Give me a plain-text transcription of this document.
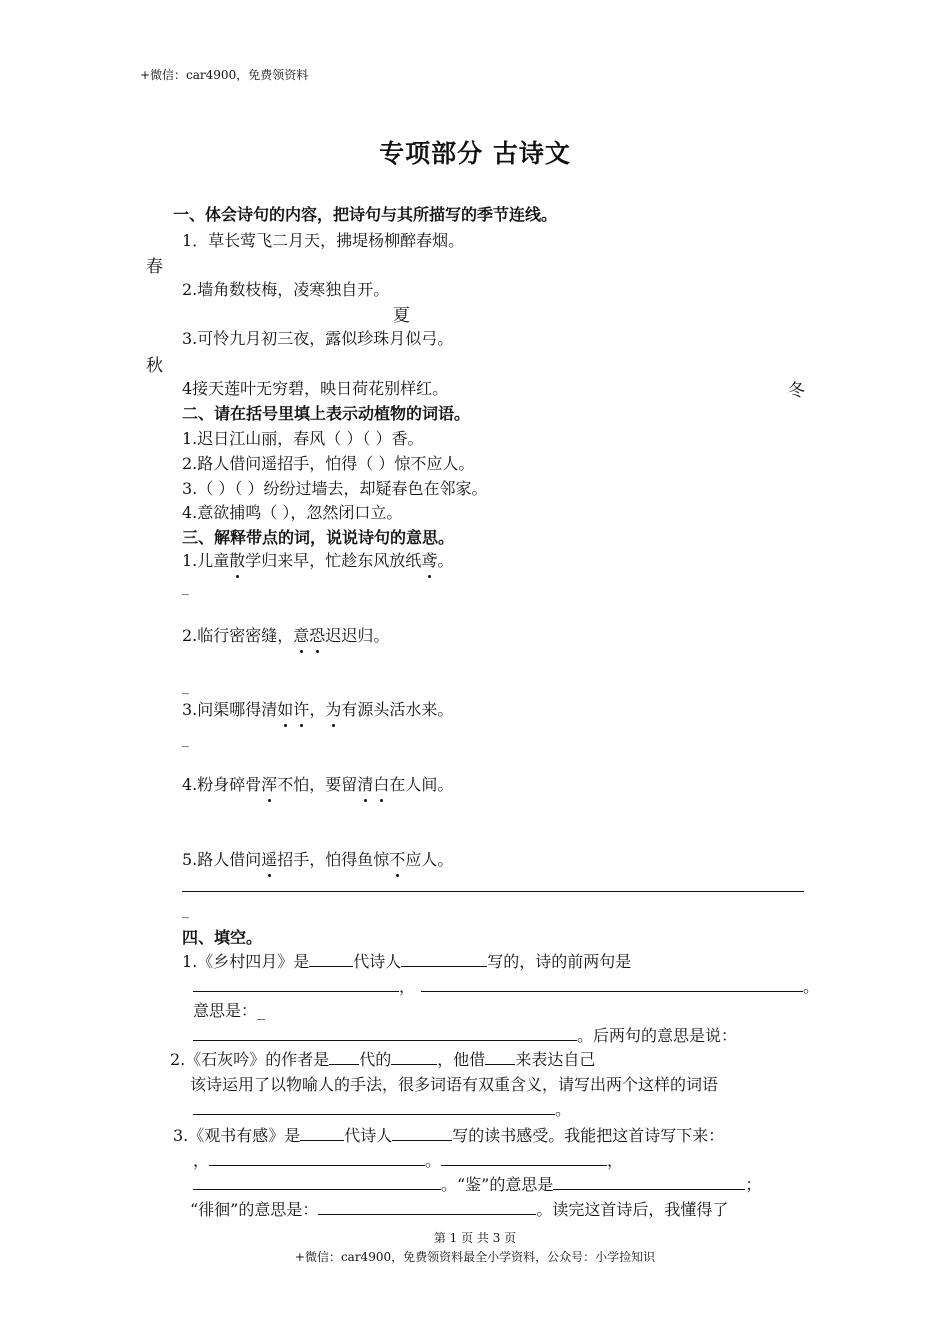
+微信：car4900，免费领资料
专项部分 古诗文
一、体会诗句的内容，把诗句与其所描写的季节连线。
1．草长莺飞二月天，拂堤杨柳醉春烟。
春
2.墙角数枝梅，凌寒独自开。
夏
3.可怜九月初三夜，露似珍珠月似弓。
秋
4接天莲叶无穷碧，映日荷花别样红。	冬
二、请在括号里填上表示动植物的词语。
1.迟日江山丽，春风（ ）（ ）香。
2.路人借问遥招手，怕得（ ）惊不应人。
3.（ ）（ ）纷纷过墙去，却疑春色在邻家。
4.意欲捕鸣（ ），忽然闭口立。
三、解释带点的词，说说诗句的意思。
1.儿童散学归来早，忙趁东风放纸鸢。
_
2.临行密密缝，意恐迟迟归。
_
3.问渠哪得清如许，为有源头活水来。
_
4.粉身碎骨浑不怕，要留清白在人间。
5.路人借问遥招手，怕得鱼惊不应人。
_
四、填空。
1.《乡村四月》是	代诗人	写的，诗的前两句是
，	。
意思是：_
。后两句的意思是说：
2.《石灰吟》的作者是 代的	，他借 来表达自己
该诗运用了以物喻人的手法，很多词语有双重含义，请写出两个这样的词语
。
3.《观书有感》是	代诗人	写的读书感受。我能把这首诗写下来：
，	。	，
。“鉴”的意思是	；
“徘徊”的意思是：	。读完这首诗后，我懂得了
第 1 页 共 3 页
+微信：car4900，免费领资料最全小学资料，公众号：小学捡知识
